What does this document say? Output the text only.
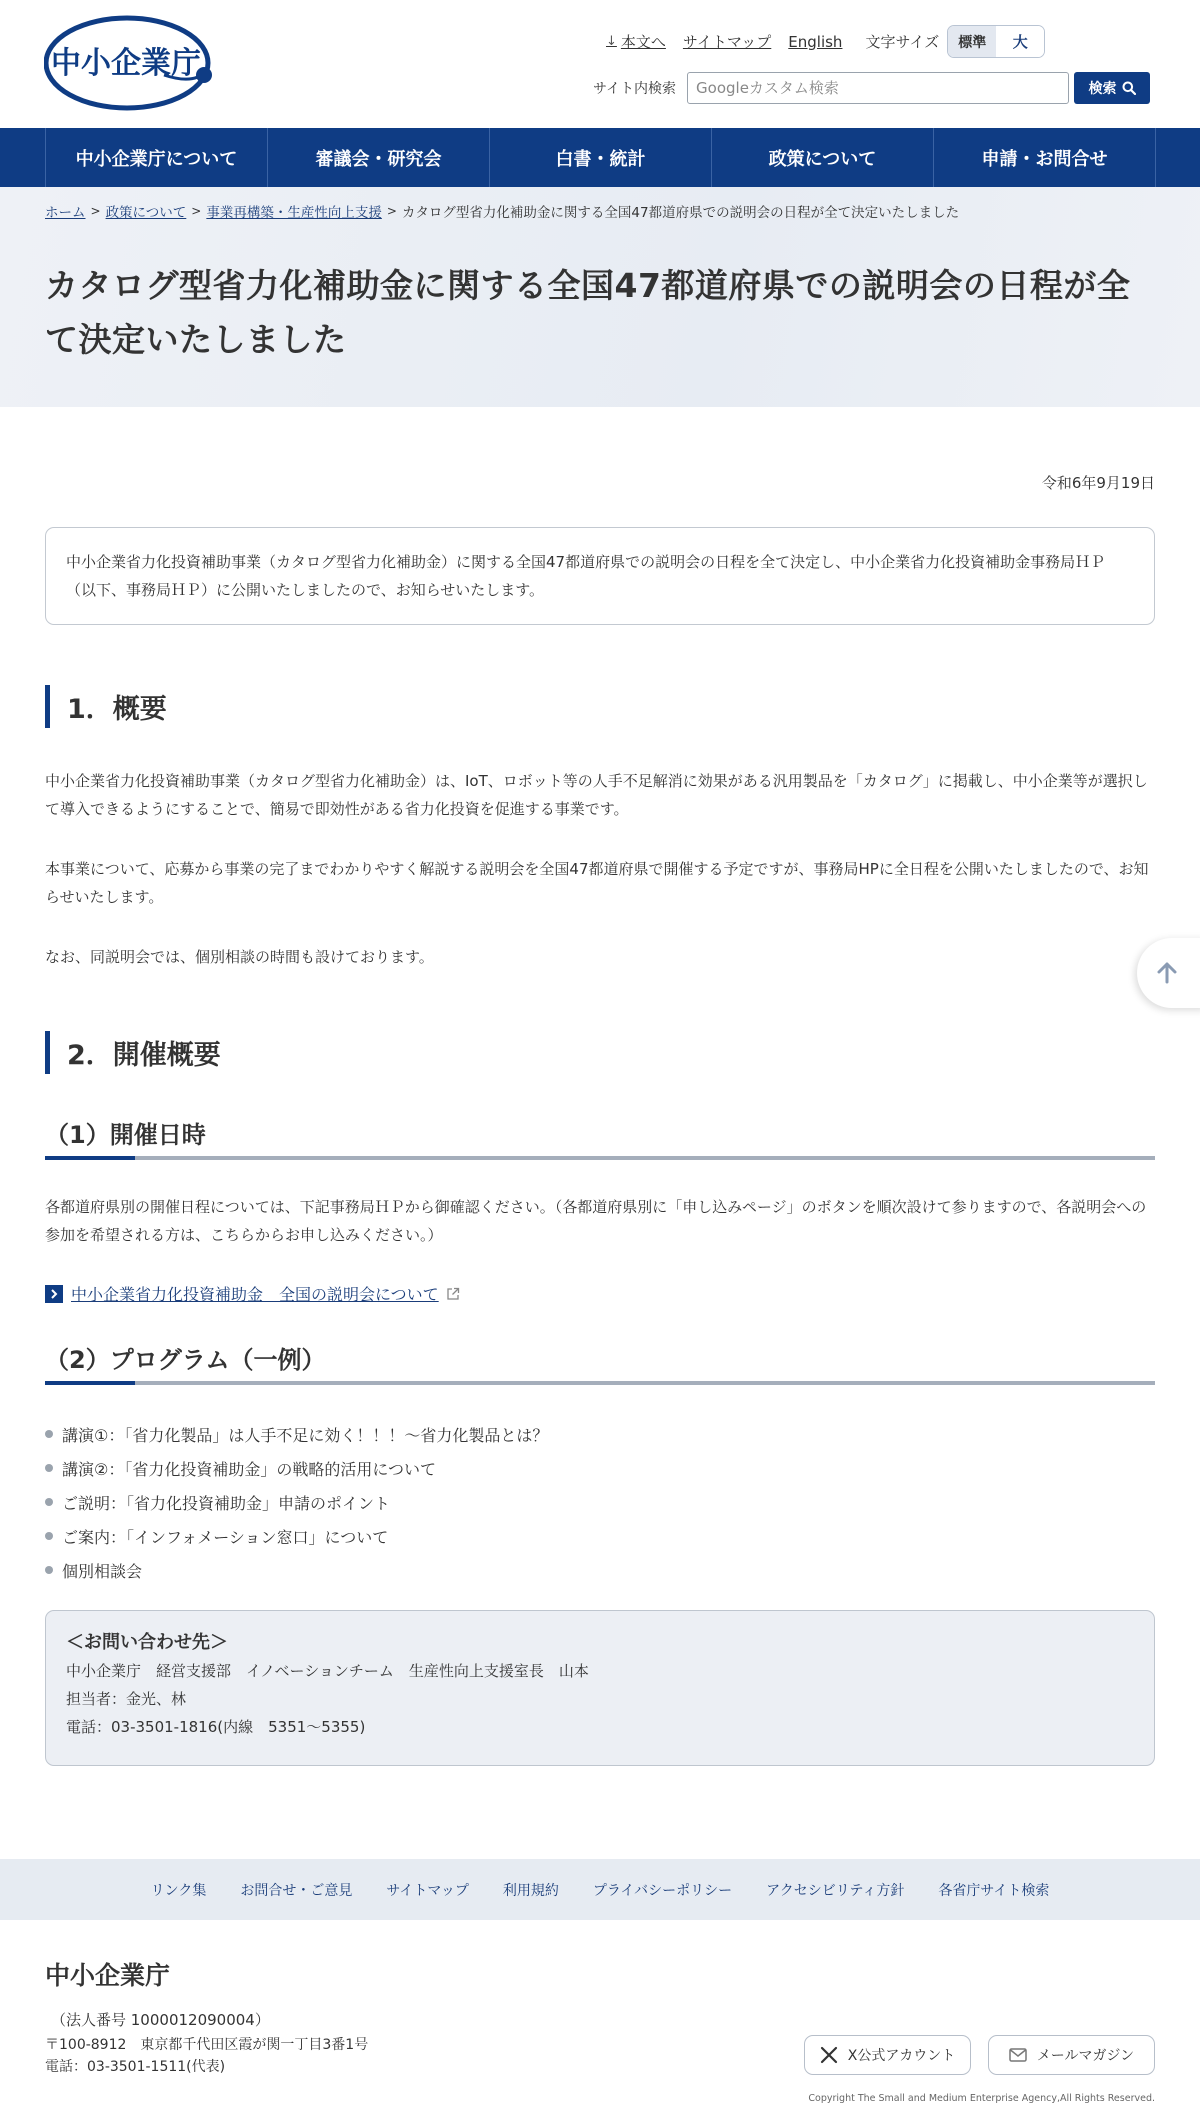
中小企業庁
↓ 本文へ サイトマップ English 文字サイズ	標準	大
サイト内検索
Googleカスタム検索	検索
中小企業庁について	審議会・研究会	白書・統計	政策について	申請・お問合せ
ホーム > 政策について > 事業再構築・生産性向上支援 > カタログ型省力化補助金に関する全国47都道府県での説明会の日程が全て決定いたしました
カタログ型省力化補助金に関する全国47都道府県での説明会の日程が全て決定いたしました
令和6年9月19日
中小企業省力化投資補助事業（カタログ型省力化補助金）に関する全国47都道府県での説明会の日程を全て決定し、中小企業省力化投資補助金事務局ＨＰ（以下、事務局ＨＰ）に公開いたしましたので、お知らせいたします。
1．概要

中小企業省力化投資補助事業（カタログ型省力化補助金）は、IoT、ロボット等の人手不足解消に効果がある汎用製品を「カタログ」に掲載し、中小企業等が選択して導入できるようにすることで、簡易で即効性がある省力化投資を促進する事業です。

本事業について、応募から事業の完了までわかりやすく解説する説明会を全国47都道府県で開催する予定ですが、事務局HPに全日程を公開いたしましたので、お知らせいたします。

なお、同説明会では、個別相談の時間も設けております。

2．開催概要
（1）開催日時

各都道府県別の開催日程については、下記事務局ＨＰから御確認ください。（各都道府県別に「申し込みページ」のボタンを順次設けて参りますので、各説明会への参加を希望される方は、こちらからお申し込みください。）

中小企業省力化投資補助金　全国の説明会について
（2）プログラム（一例）
講演①：「省力化製品」は人手不足に効く！！！～省力化製品とは？
講演②：「省力化投資補助金」の戦略的活用について
ご説明：「省力化投資補助金」申請のポイント
ご案内：「インフォメーション窓口」について
個別相談会
＜お問い合わせ先＞
中小企業庁　経営支援部　イノベーションチーム　生産性向上支援室長　山本
担当者：金光、林
電話：03-3501-1816(内線　5351～5355)
リンク集 お問合せ・ご意見 サイトマップ 利用規約 プライバシーポリシー アクセシビリティ方針 各省庁サイト検索
中小企業庁
（法人番号 1000012090004）
〒100-8912　東京都千代田区霞が関一丁目3番1号
電話：03-3501-1511(代表)
X公式アカウント	メールマガジン
Copyright The Small and Medium Enterprise Agency,All Rights Reserved.
